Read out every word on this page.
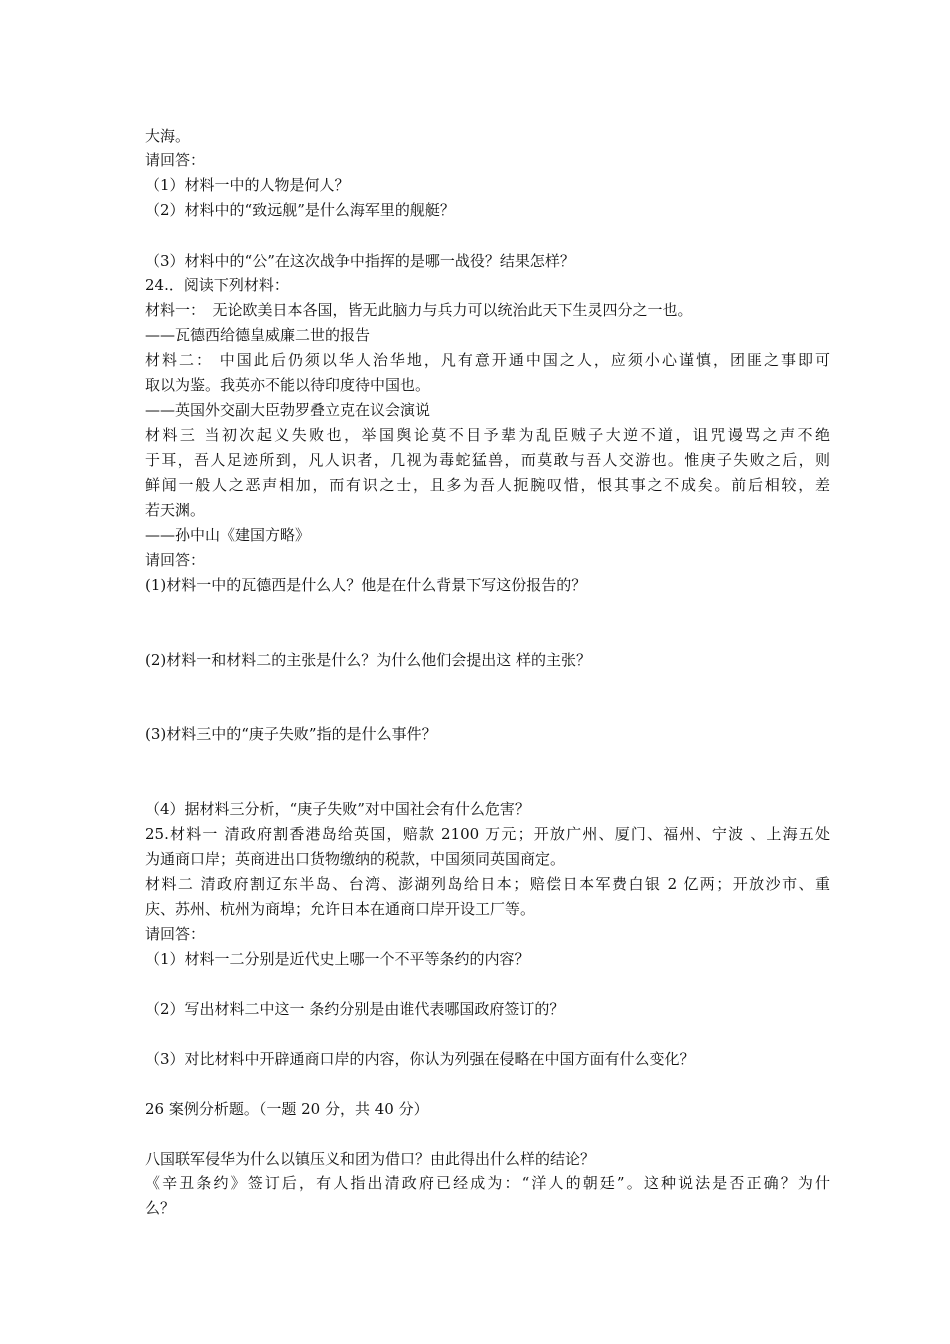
大海。
请回答：
（1）材料一中的人物是何人？
（2）材料中的“致远舰”是什么海军里的舰艇？
（3）材料中的“公”在这次战争中指挥的是哪一战役？结果怎样？
24.．阅读下列材料：
材料一：　无论欧美日本各国，皆无此脑力与兵力可以统治此天下生灵四分之一也。
——瓦德西给德皇威廉二世的报告
材料二： 中国此后仍须以华人治华地，凡有意开通中国之人，应须小心谨慎，团匪之事即可
取以为鉴。我英亦不能以待印度待中国也。
——英国外交副大臣勃罗叠立克在议会演说
材料三 当初次起义失败也，举国舆论莫不目予辈为乱臣贼子大逆不道，诅咒谩骂之声不绝
于耳，吾人足迹所到，凡人识者，几视为毒蛇猛兽，而莫敢与吾人交游也。惟庚子失败之后，则
鲜闻一般人之恶声相加，而有识之士，且多为吾人扼腕叹惜，恨其事之不成矣。前后相较，差
若天渊。
——孙中山《建国方略》
请回答：
(1)材料一中的瓦德西是什么人？他是在什么背景下写这份报告的？
(2)材料一和材料二的主张是什么？为什么他们会提出这 样的主张？
(3)材料三中的“庚子失败”指的是什么事件？
（4）据材料三分析，“庚子失败”对中国社会有什么危害？
25.材料一 清政府割香港岛给英国，赔款 2100 万元；开放广州、厦门、福州、宁波 、上海五处
为通商口岸；英商进出口货物缴纳的税款，中国须同英国商定。
材料二 清政府割辽东半岛、台湾、澎湖列岛给日本；赔偿日本军费白银 2 亿两；开放沙市、重
庆、苏州、杭州为商埠；允许日本在通商口岸开设工厂等。
请回答：
（1）材料一二分别是近代史上哪一个不平等条约的内容？
（2）写出材料二中这一 条约分别是由谁代表哪国政府签订的？
（3）对比材料中开辟通商口岸的内容，你认为列强在侵略在中国方面有什么变化？
26 案例分析题。（一题 20 分，共 40 分）
八国联军侵华为什么以镇压义和团为借口？由此得出什么样的结论？
《辛丑条约》签订后，有人指出清政府已经成为：“洋人的朝廷”。这种说法是否正确？为什
么？
